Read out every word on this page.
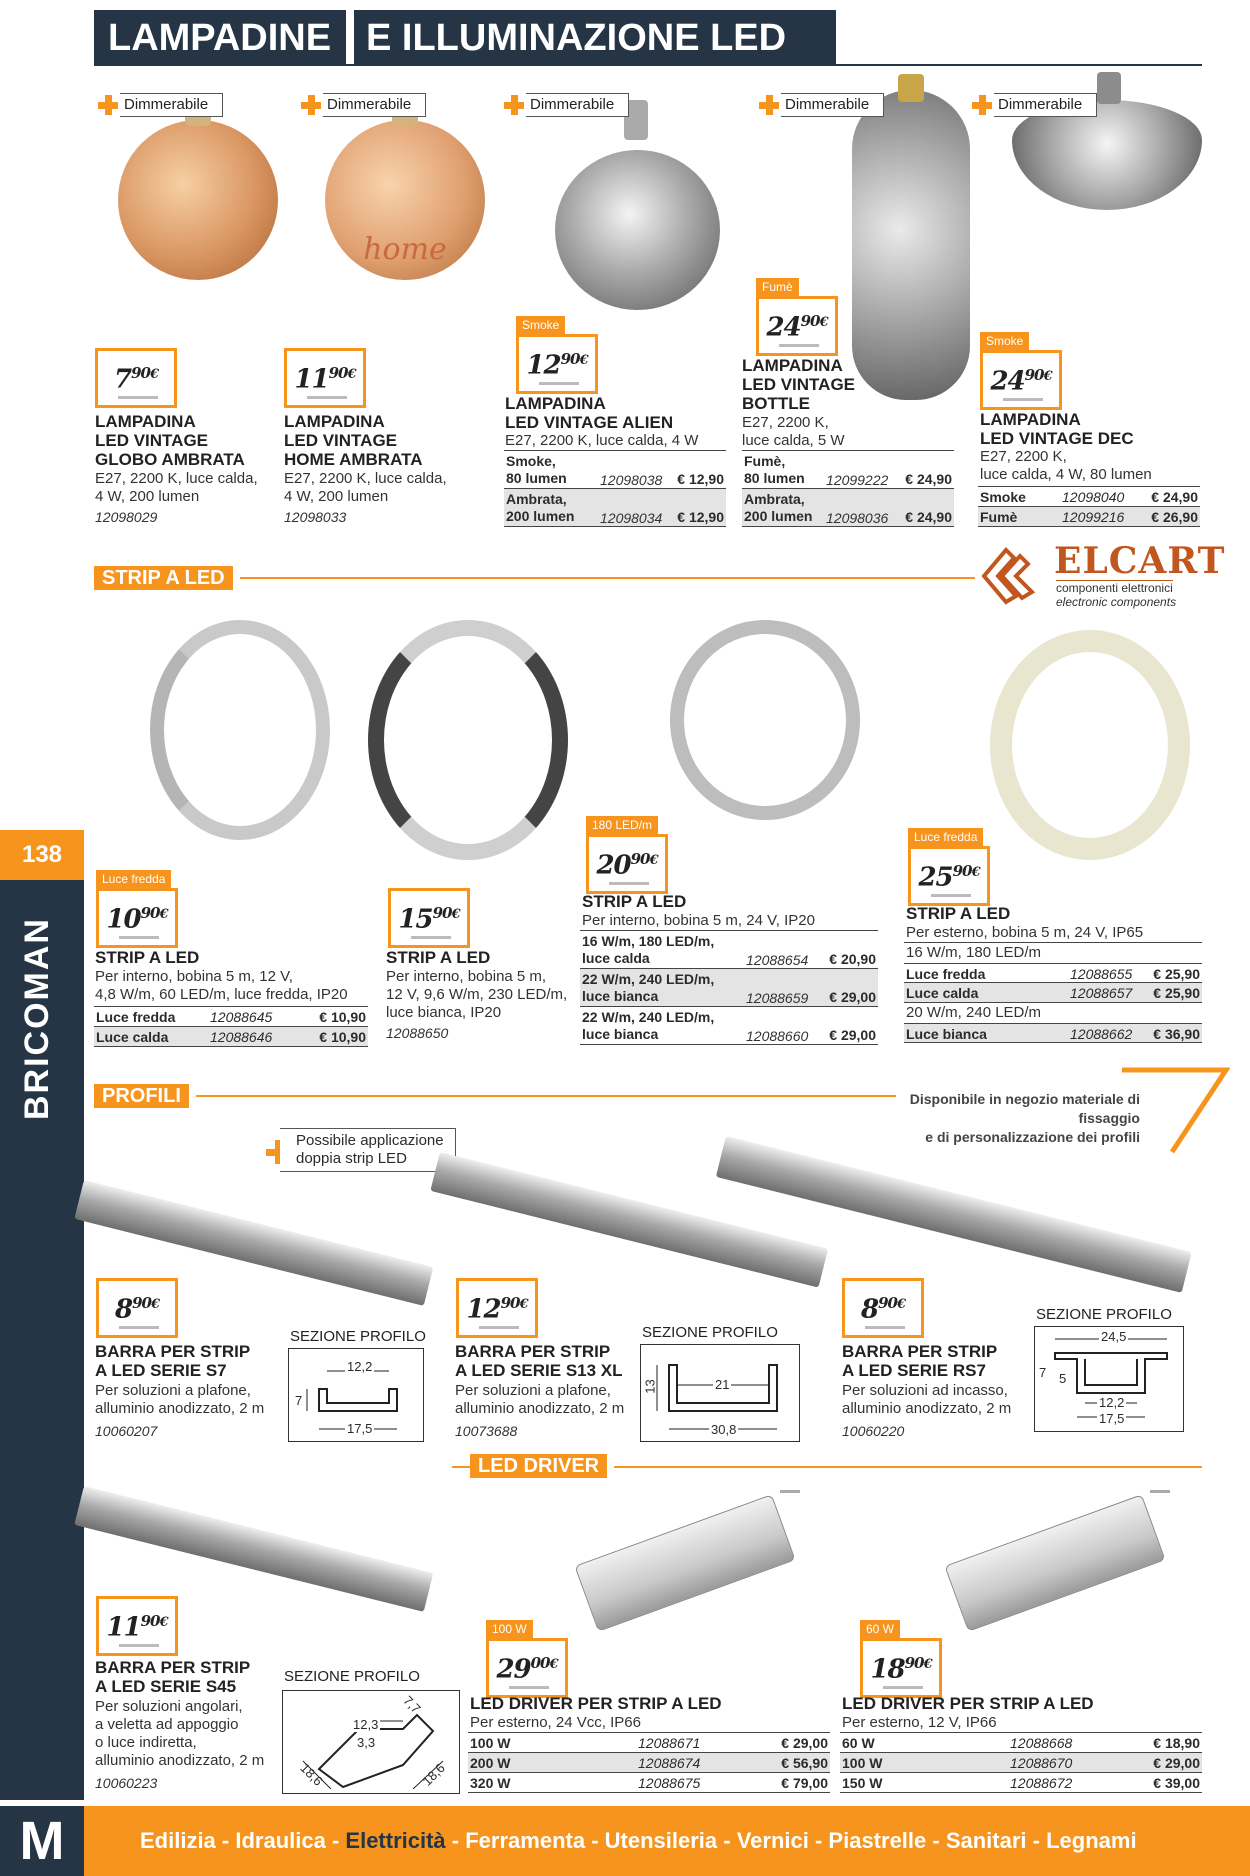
138
BRICOMAN
LAMPADINE E ILLUMINAZIONE LED
home
Dimmerabile	Dimmerabile	Dimmerabile	Dimmerabile	Dimmerabile
$7^{90€}$
LAMPADINA
LED VINTAGE
GLOBO AMBRATA
E27, 2200 K, luce calda,
4 W, 200 lumen
12098029
$11^{90€}$
LAMPADINA
LED VINTAGE
HOME AMBRATA
E27, 2200 K, luce calda,
4 W, 200 lumen
12098033
Smoke
$12^{90€}$
LAMPADINA
LED VINTAGE ALIEN
E27, 2200 K, luce calda, 4 W
Smoke,
80 lumen 12098038 € 12,90
Ambrata,
200 lumen 12098034 € 12,90
Fumè
$24^{90€}$
LAMPADINA
LED VINTAGE
BOTTLE
E27, 2200 K,
luce calda, 5 W
Fumè,
80 lumen 12099222 € 24,90
Ambrata,
200 lumen 12098036 € 24,90
Smoke
$24^{90€}$
LAMPADINA
LED VINTAGE DEC
E27, 2200 K,
luce calda, 4 W, 80 lumen
Smoke	12098040 € 24,90
Fumè	12099216 € 26,90
STRIP A LED	ELCART
componenti elettronici
electronic components
Luce fredda
$10^{90€}$
STRIP A LED
Per interno, bobina 5 m, 12 V,
4,8 W/m, 60 LED/m, luce fredda, IP20
Luce fredda 12088645	€ 10,90
Luce calda	12088646	€ 10,90
$15^{90€}$
STRIP A LED
Per interno, bobina 5 m,
12 V, 9,6 W/m, 230 LED/m,
luce bianca, IP20
12088650
180 LED/m
$20^{90€}$
STRIP A LED
Per interno, bobina 5 m, 24 V, IP20
16 W/m, 180 LED/m,
luce calda	12088654 € 20,90
22 W/m, 240 LED/m,
luce bianca	12088659 € 29,00
22 W/m, 240 LED/m,
luce bianca	12088660 € 29,00
Luce fredda
$25^{90€}$
STRIP A LED
Per esterno, bobina 5 m, 24 V, IP65
16 W/m, 180 LED/m
Luce fredda	12088655 € 25,90
Luce calda	12088657 € 25,90
20 W/m, 240 LED/m
Luce bianca	12088662 € 36,90
PROFILI	Disponibile in negozio materiale di fissaggio
e di personalizzazione dei profili
Possibile applicazione
doppia strip LED
$8^{90€}$
BARRA PER STRIP
A LED SERIE S7
Per soluzioni a plafone,
alluminio anodizzato, 2 m
10060207
SEZIONE PROFILO
12,2
7
17,5
$12^{90€}$
BARRA PER STRIP
A LED SERIE S13 XL
Per soluzioni a plafone,
alluminio anodizzato, 2 m
10073688
SEZIONE PROFILO
13	21
30,8
$8^{90€}$
BARRA PER STRIP
A LED SERIE RS7
Per soluzioni ad incasso,
alluminio anodizzato, 2 m
10060220
SEZIONE PROFILO
24,5
7 5
12,2
17,5
LED DRIVER
$11^{90€}$
BARRA PER STRIP
A LED SERIE S45
Per soluzioni angolari,
a veletta ad appoggio
o luce indiretta,
alluminio anodizzato, 2 m
10060223
SEZIONE PROFILO
12,3
3,3
7,7
18,6	18,6
100 W
$29^{00€}$
LED DRIVER PER STRIP A LED
Per esterno, 24 Vcc, IP66
100 W	12088671	€ 29,00
200 W	12088674	€ 56,90
320 W	12088675	€ 79,00
60 W
$18^{90€}$
LED DRIVER PER STRIP A LED
Per esterno, 12 V, IP66
60 W	12088668	€ 18,90
100 W	12088670	€ 29,00
150 W	12088672	€ 39,00
M	Edilizia - Idraulica - Elettricità - Ferramenta - Utensileria - Vernici - Piastrelle - Sanitari - Legnami
